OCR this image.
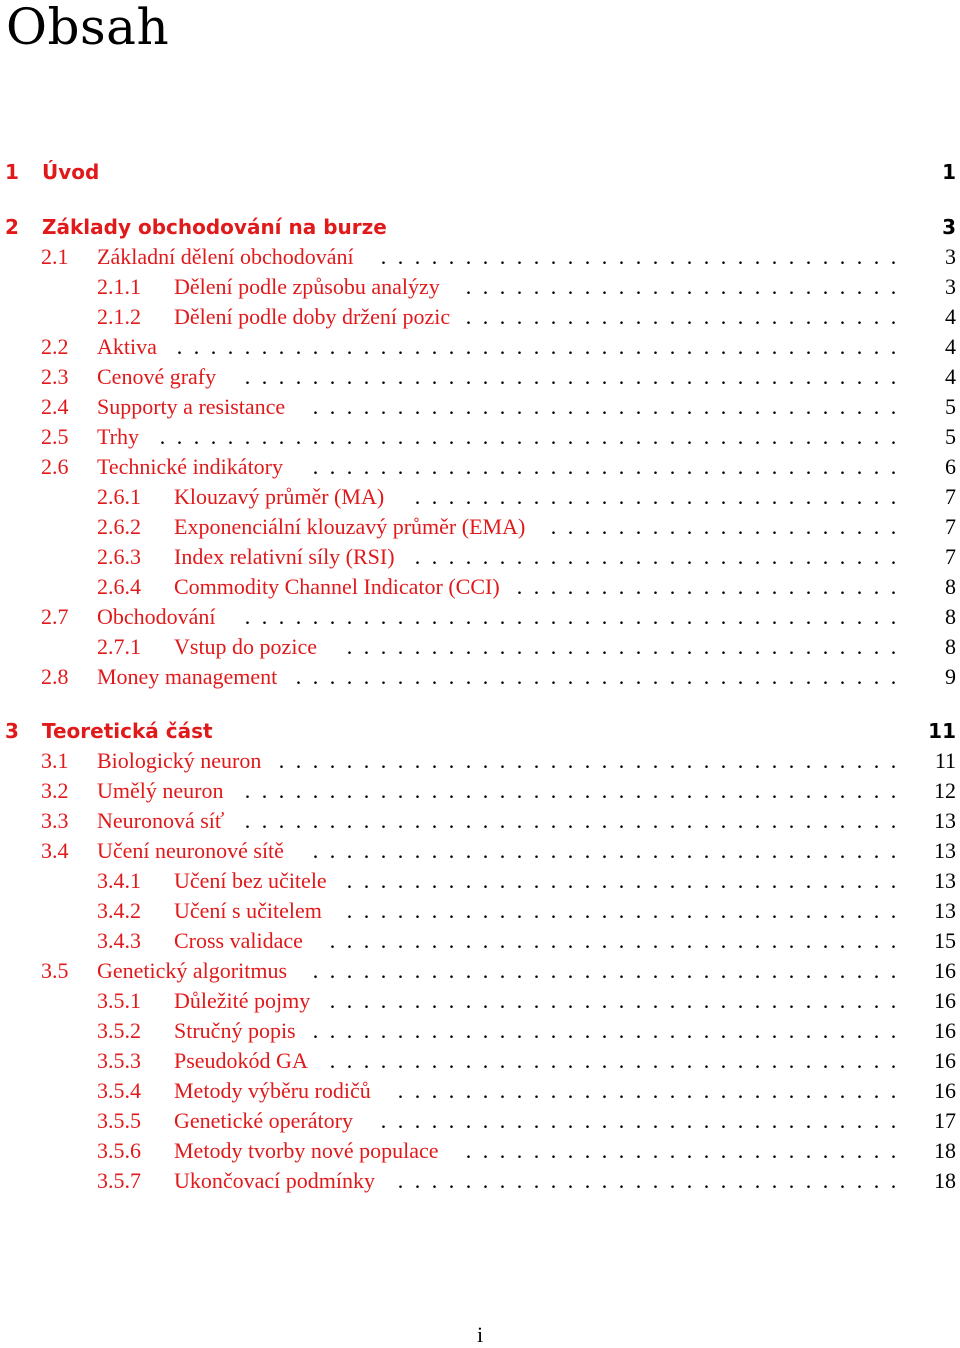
Obsah
1 Úvod	1
2 Základy obchodování na burze	3
2.1 Základní dělení obchodování	3
. . . . . . . . . . . . . . . . . . . . . . . . . . . . . . .
2.1.1 Dělení podle způsobu analýzy	3
. . . . . . . . . . . . . . . . . . . . . . . . . .
2.1.2 Dělení podle doby držení pozic	4
. . . . . . . . . . . . . . . . . . . . . . . . . .
2.2 Aktiva	4
. . . . . . . . . . . . . . . . . . . . . . . . . . . . . . . . . . . . . . . . . . .
2.3 Cenové grafy	4
. . . . . . . . . . . . . . . . . . . . . . . . . . . . . . . . . . . . . . .
2.4 Supporty a resistance	5
. . . . . . . . . . . . . . . . . . . . . . . . . . . . . . . . . . .
2.5 Trhy	5
. . . . . . . . . . . . . . . . . . . . . . . . . . . . . . . . . . . . . . . . . . . .
2.6 Technické indikátory	6
. . . . . . . . . . . . . . . . . . . . . . . . . . . . . . . . . . .
2.6.1 Klouzavý průměr (MA)	7
. . . . . . . . . . . . . . . . . . . . . . . . . . . . .
2.6.2 Exponenciální klouzavý průměr (EMA)	7
. . . . . . . . . . . . . . . . . . . . .
2.6.3 Index relativní síly (RSI)	7
. . . . . . . . . . . . . . . . . . . . . . . . . . . . .
2.6.4 Commodity Channel Indicator (CCI)	8
. . . . . . . . . . . . . . . . . . . . . . .
2.7 Obchodování	8
. . . . . . . . . . . . . . . . . . . . . . . . . . . . . . . . . . . . . . .
2.7.1 Vstup do pozice	8
. . . . . . . . . . . . . . . . . . . . . . . . . . . . . . . . .
2.8 Money management	9
. . . . . . . . . . . . . . . . . . . . . . . . . . . . . . . . . . . .
3 Teoretická část	11
3.1 Biologický neuron	11
. . . . . . . . . . . . . . . . . . . . . . . . . . . . . . . . . . . . .
3.2 Umělý neuron	12
. . . . . . . . . . . . . . . . . . . . . . . . . . . . . . . . . . . . . . .
3.3 Neuronová síť	13
. . . . . . . . . . . . . . . . . . . . . . . . . . . . . . . . . . . . . . .
3.4 Učení neuronové sítě	13
. . . . . . . . . . . . . . . . . . . . . . . . . . . . . . . . . . .
3.4.1 Učení bez učitele	13
. . . . . . . . . . . . . . . . . . . . . . . . . . . . . . . . .
3.4.2 Učení s učitelem	13
. . . . . . . . . . . . . . . . . . . . . . . . . . . . . . . . .
3.4.3 Cross validace	15
. . . . . . . . . . . . . . . . . . . . . . . . . . . . . . . . . .
3.5 Genetický algoritmus	16
. . . . . . . . . . . . . . . . . . . . . . . . . . . . . . . . . . .
3.5.1 Důležité pojmy	16
. . . . . . . . . . . . . . . . . . . . . . . . . . . . . . . . . .
3.5.2 Stručný popis	16
. . . . . . . . . . . . . . . . . . . . . . . . . . . . . . . . . . .
3.5.3 Pseudokód GA	16
. . . . . . . . . . . . . . . . . . . . . . . . . . . . . . . . . .
3.5.4 Metody výběru rodičů	16
. . . . . . . . . . . . . . . . . . . . . . . . . . . . . .
3.5.5 Genetické operátory	17
. . . . . . . . . . . . . . . . . . . . . . . . . . . . . . .
3.5.6 Metody tvorby nové populace	18
. . . . . . . . . . . . . . . . . . . . . . . . . .
3.5.7 Ukončovací podmínky	18
. . . . . . . . . . . . . . . . . . . . . . . . . . . . . .
i
